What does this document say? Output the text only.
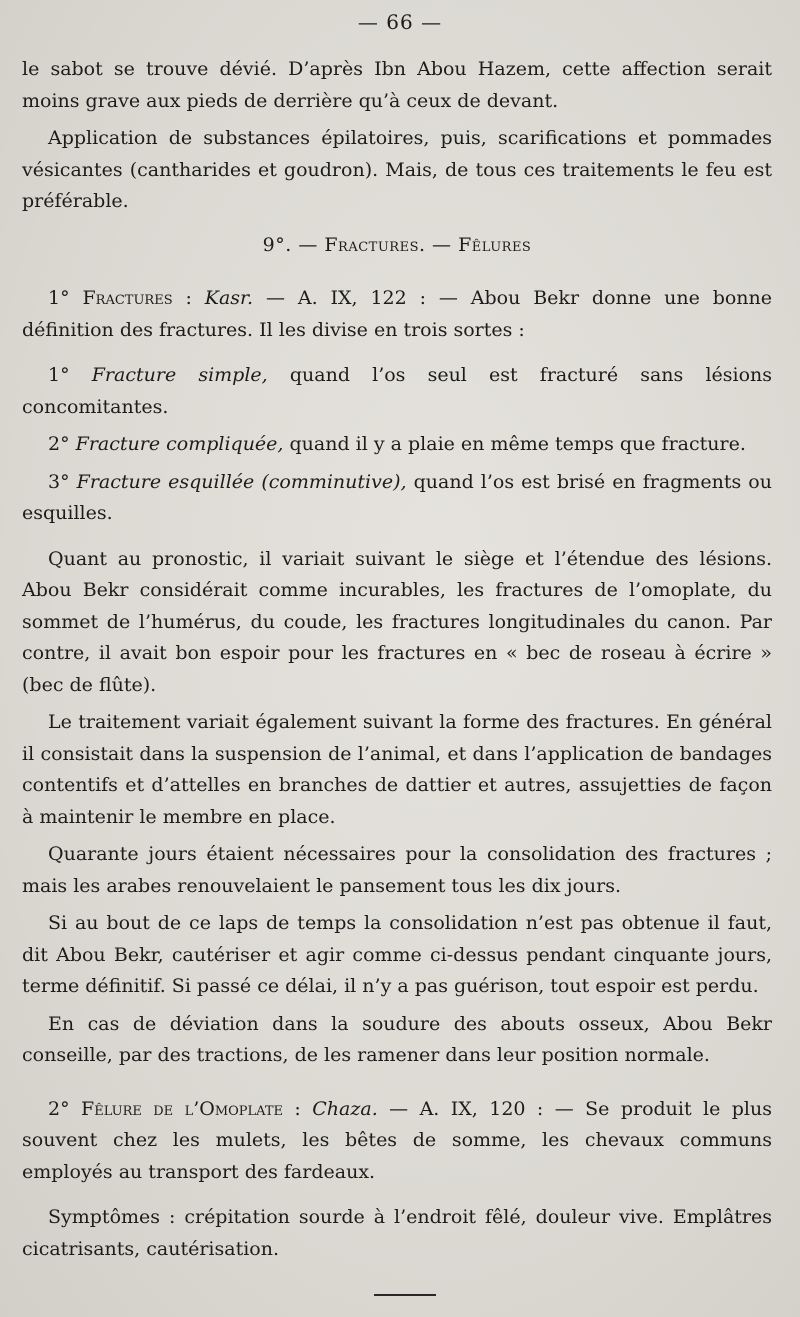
— 66 —

le sabot se trouve dévié. D’après Ibn Abou Hazem, cette affection serait moins grave aux pieds de derrière qu’à ceux de devant.

Application de substances épilatoires, puis, scarifications et pommades vésicantes (cantharides et goudron). Mais, de tous ces traitements le feu est préférable.

9°. — Fractures. — Fêlures

1° Fractures : Kasr. — A. IX, 122 : — Abou Bekr donne une bonne définition des fractures. Il les divise en trois sortes :

1° Fracture simple, quand l’os seul est fracturé sans lésions concomitantes.

2° Fracture compliquée, quand il y a plaie en même temps que fracture.

3° Fracture esquillée (comminutive), quand l’os est brisé en fragments ou esquilles.

Quant au pronostic, il variait suivant le siège et l’étendue des lésions. Abou Bekr considérait comme incurables, les fractures de l’omoplate, du sommet de l’humérus, du coude, les fractures longitudinales du canon. Par contre, il avait bon espoir pour les fractures en « bec de roseau à écrire » (bec de flûte).

Le traitement variait également suivant la forme des fractures. En général il consistait dans la suspension de l’animal, et dans l’application de bandages contentifs et d’attelles en branches de dattier et autres, assujetties de façon à maintenir le membre en place.

Quarante jours étaient nécessaires pour la consolidation des fractures ; mais les arabes renouvelaient le pansement tous les dix jours.

Si au bout de ce laps de temps la consolidation n’est pas obtenue il faut, dit Abou Bekr, cautériser et agir comme ci-dessus pendant cinquante jours, terme définitif. Si passé ce délai, il n’y a pas guérison, tout espoir est perdu.

En cas de déviation dans la soudure des abouts osseux, Abou Bekr conseille, par des tractions, de les ramener dans leur position normale.

2° Fêlure de l’Omoplate : Chaza. — A. IX, 120 : — Se produit le plus souvent chez les mulets, les bêtes de somme, les chevaux communs employés au transport des fardeaux.

Symptômes : crépitation sourde à l’endroit fêlé, douleur vive. Emplâtres cicatrisants, cautérisation.
